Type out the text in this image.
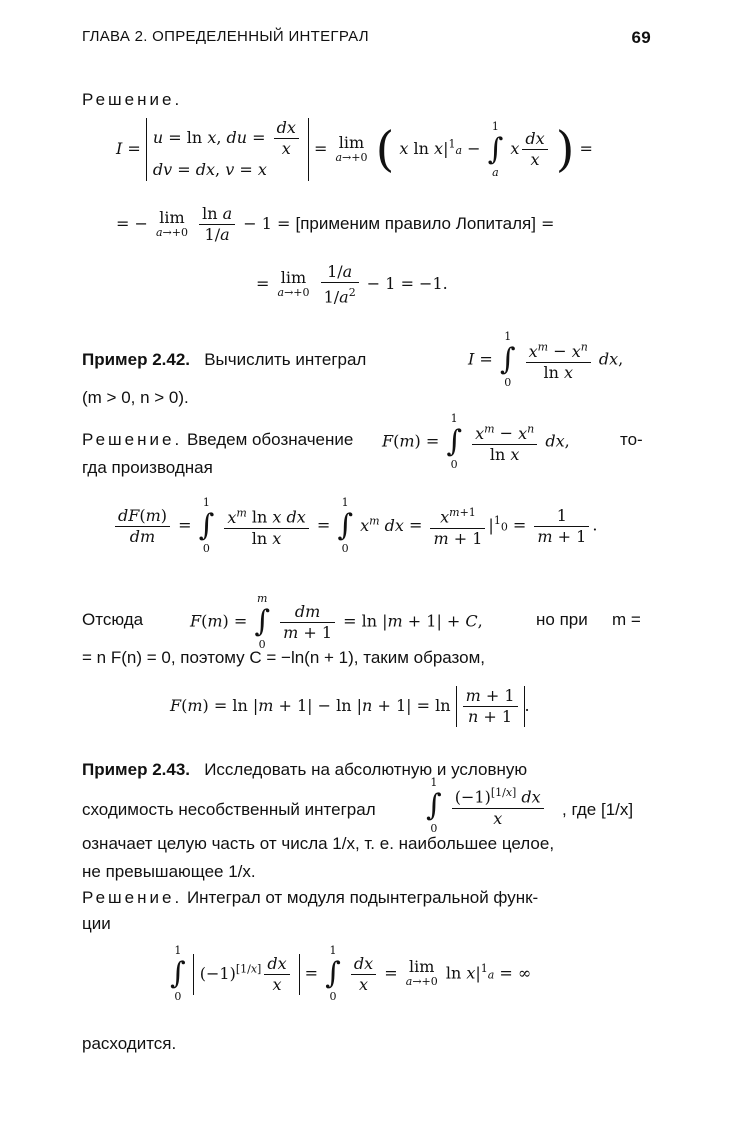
ГЛАВА 2. ОПРЕДЕЛЕННЫЙ ИНТЕГРАЛ	69
Решение.
I =
u = ln x, du = $\frac{dx}{x}$
dv = dx, v = x
= lim
a→+0 ( x $\ln x|^1a$ −
1
∫
a
x $\frac{dx}{x}$ ) =
= − lim
a→+0
$\frac{\text{ln a}}{1/a} - 1$ = [применим правило Лопиталя] =
= lim
a→+0
$\frac{1/a}{1/a^2} - 1 = -1$.
Пример 2.42. Вычислить интеграл	I =
1
∫
0
$\frac{x^m - x^n}{\text{ln x}}$ dx,
(m > 0, n > 0).
Решение. Введем обозначение	F(m) =
1
∫
0
$\frac{x^m - x^n}{\text{ln x}}$ dx,	то-
гда производная
$\frac{dF(m)}{dm}$ =
1
∫
0
$\frac{x^m \ln x dx}{\text{ln x}}$ =
1
∫
0
$x^m$ dx = $\frac{x^{m+1}}{m + 1} |^10 = \frac{1}{m + 1}$ .
Отсюда	F(m) =
m
∫
0

$\frac{dm}{m + 1} = \ln |m + 1| + C$,	но при	m =
= n F(n) = 0, поэтому C = −ln(n + 1), таким образом,
$F(m) = \ln |m + 1| - \ln |n + 1| = \ln \frac{m + 1}{n + 1}$ .
Пример 2.43. Исследовать на абсолютную и условную
сходимость несобственный интеграл
1
∫
0
$\frac{(-1)^{[1/x]} dx}{x}$ , где [1/x]
означает целую часть от числа 1/x, т. е. наибольшее целое,
не превышающее 1/x.
Решение. Интеграл от модуля подынтегральной функ-
ции
1
∫
0
$(-1)[1/x] \frac{dx}{x}$ =
1
∫
0

$\frac{dx}{x} = \lim$
a→+0 $\ln x|^1a$ = ∞
расходится.
